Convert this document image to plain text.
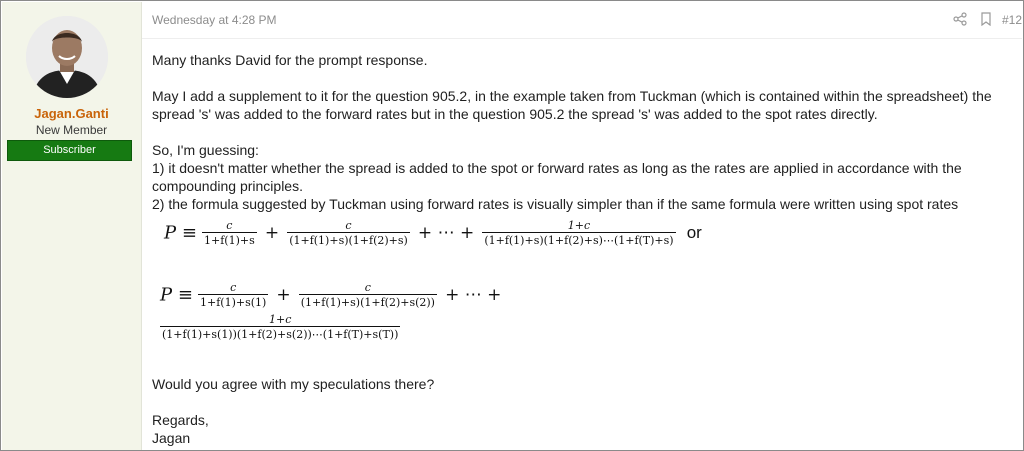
Jagan.Ganti
New Member
Subscriber
Wednesday at 4:28 PM	#12

Many thanks David for the prompt response.

May I add a supplement to it for the question 905.2, in the example taken from Tuckman (which is contained within the spreadsheet) the spread 's' was added to the forward rates but in the question 905.2 the spread 's' was added to the spot rates directly.

So, I'm guessing:

1) it doesn't matter whether the spread is added to the spot or forward rates as long as the rates are applied in accordance with the compounding principles.

2) the formula suggested by Tuckman using forward rates is visually simpler than if the same formula were written using spot rates

$P \equiv \frac{c}{1+f(1)+s} + \frac{c}{(1+f(1)+s)(1+f(2)+s)}$ + ⋯ + $\frac{1+c}{(1+f(1)+s)(1+f(2)+s)\cdots(1+f(T)+s)}$ or
$P \equiv \frac{c}{1+f(1)+s(1)} + \frac{c}{(1+f(1)+s)(1+f(2)+s(2))}$ + ⋯ +
$\frac{1+c}{(1+f(1)+s(1))(1+f(2)+s(2))\cdots(1+f(T)+s(T))}$

Would you agree with my speculations there?

Regards,

Jagan
